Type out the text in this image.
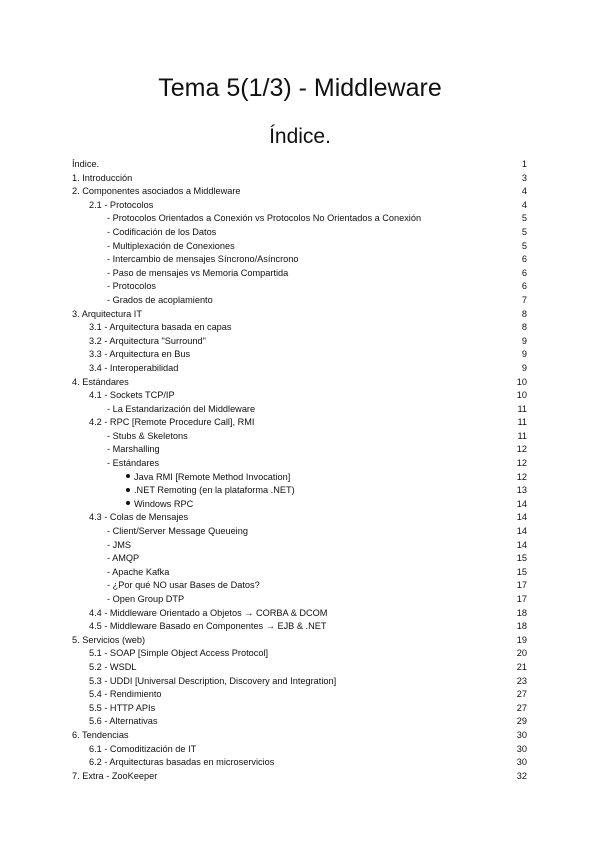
Tema 5(1/3) - Middleware
Índice.
Índice.	1
1. Introducción	3
2. Componentes asociados a Middleware	4
2.1 - Protocolos	4
- Protocolos Orientados a Conexión vs Protocolos No Orientados a Conexión	5
- Codificación de los Datos	5
- Multiplexación de Conexiones	5
- Intercambio de mensajes Síncrono/Asíncrono	6
- Paso de mensajes vs Memoria Compartida	6
- Protocolos	6
- Grados de acoplamiento	7
3. Arquitectura IT	8
3.1 - Arquitectura basada en capas	8
3.2 - Arquitectura "Surround"	9
3.3 - Arquitectura en Bus	9
3.4 - Interoperabilidad	9
4. Estándares	10
4.1 - Sockets TCP/IP	10
- La Estandarización del Middleware	11
4.2 - RPC [Remote Procedure Call], RMI	11
- Stubs & Skeletons	11
- Marshalling	12
- Estándares	12
Java RMI [Remote Method Invocation]	12
.NET Remoting (en la plataforma .NET)	13
Windows RPC	14
4.3 - Colas de Mensajes	14
- Client/Server Message Queueing	14
- JMS	14
- AMQP	15
- Apache Kafka	15
- ¿Por qué NO usar Bases de Datos?	17
- Open Group DTP	17
4.4 - Middleware Orientado a Objetos → CORBA & DCOM	18
4.5 - Middleware Basado en Componentes → EJB & .NET	18
5. Servicios (web)	19
5.1 - SOAP [Simple Object Access Protocol]	20
5.2 - WSDL	21
5.3 - UDDI [Universal Description, Discovery and Integration]	23
5.4 - Rendimiento	27
5.5 - HTTP APIs	27
5.6 - Alternativas	29
6. Tendencias	30
6.1 - Comoditización de IT	30
6.2 - Arquitecturas basadas en microservicios	30
7. Extra - ZooKeeper	32
